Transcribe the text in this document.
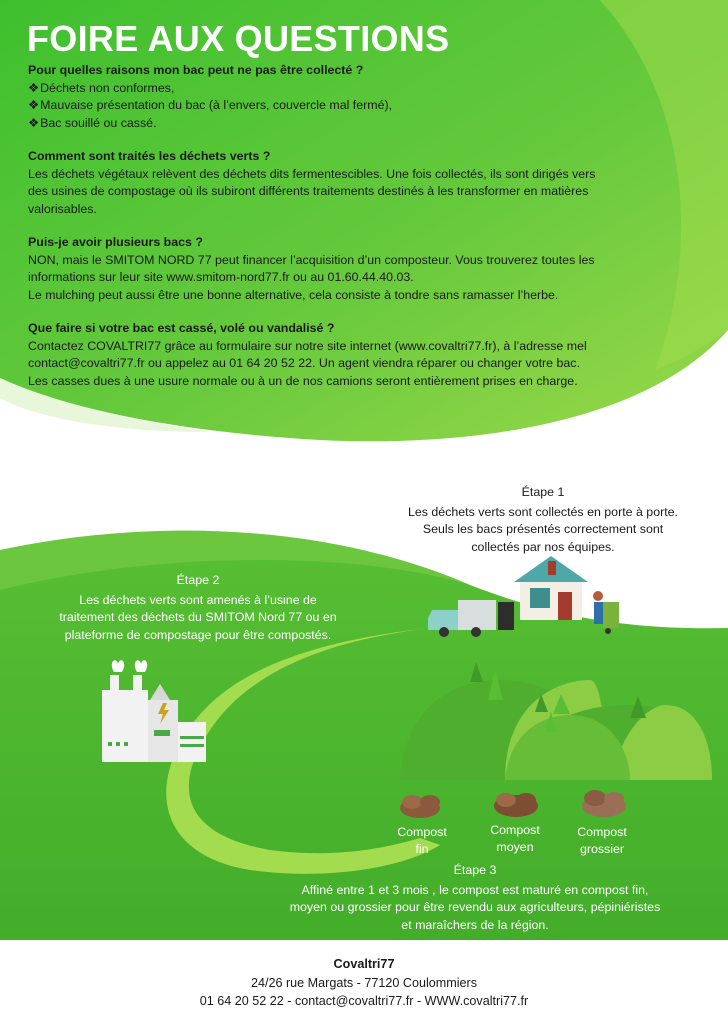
FOIRE AUX QUESTIONS

Pour quelles raisons mon bac peut ne pas être collecté ?

❖ Déchets non conformes,

❖ Mauvaise présentation du bac (à l’envers, couvercle mal fermé),

❖ Bac souillé ou cassé.

Comment sont traités les déchets verts ?

Les déchets végétaux relèvent des déchets dits fermentescibles. Une fois collectés, ils sont dirigés vers

des usines de compostage où ils subiront différents traitements destinés à les transformer en matières

valorisables.

Puis-je avoir plusieurs bacs ?

NON, mais le SMITOM NORD 77 peut financer l’acquisition d’un composteur. Vous trouverez toutes les

informations sur leur site www.smitom-nord77.fr ou au 01.60.44.40.03.

Le mulching peut aussi être une bonne alternative, cela consiste à tondre sans ramasser l’herbe.

Que faire si votre bac est cassé, volé ou vandalisé ?

Contactez COVALTRI77 grâce au formulaire sur notre site internet (www.covaltri77.fr), à l’adresse mel

contact@covaltri77.fr ou appelez au 01 64 20 52 22. Un agent viendra réparer ou changer votre bac.

Les casses dues à une usure normale ou à un de nos camions seront entièrement prises en charge.

Étape 1

Les déchets verts sont collectés en porte à porte.

Seuls les bacs présentés correctement sont

collectés par nos équipes.

Étape 2

Les déchets verts sont amenés à l’usine de

traitement des déchets du SMITOM Nord 77 ou en

plateforme de compostage pour être compostés.

Compost
fin
Compost
moyen
Compost
grossier

Étape 3

Affiné entre 1 et 3 mois , le compost est maturé en compost fin,

moyen ou grossier pour être revendu aux agriculteurs, pépiniéristes

et maraîchers de la région.

Covaltri77

24/26 rue Margats - 77120 Coulommiers

01 64 20 52 22 - contact@covaltri77.fr - WWW.covaltri77.fr
